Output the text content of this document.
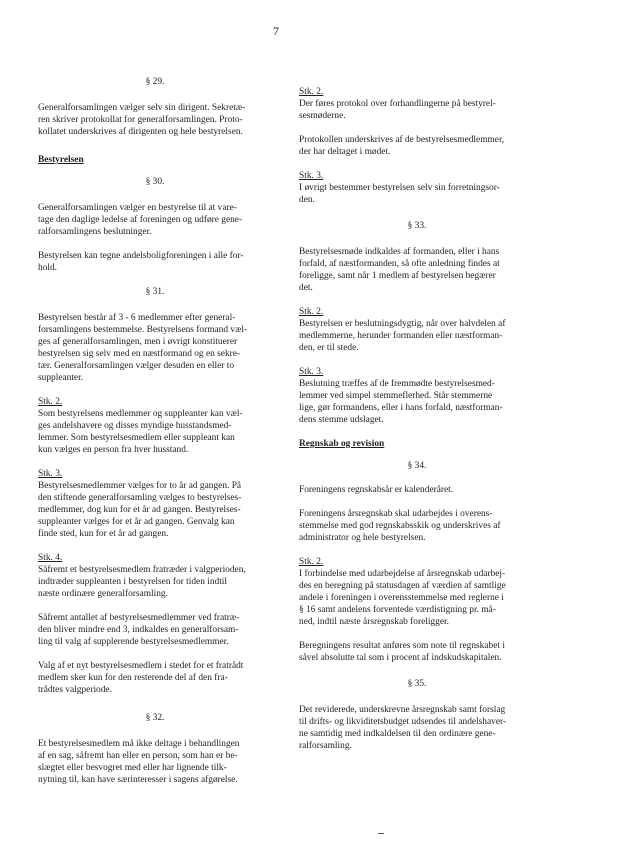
7

§ 29.

Generalforsamlingen vælger selv sin dirigent. Sekretæ-
ren skriver protokollat for generalforsamlingen. Proto-
kollatet underskrives af dirigenten og hele bestyrelsen.

Bestyrelsen

§ 30.

Generalforsamlingen vælger en bestyrelse til at vare-
tage den daglige ledelse af foreningen og udføre gene-
ralforsamlingens beslutninger.

Bestyrelsen kan tegne andelsboligforeningen i alle for-
hold.

§ 31.

Bestyrelsen består af 3 - 6 medlemmer efter general-
forsamlingens bestemmelse. Bestyrelsens formand væl-
ges af generalforsamlingen, men i øvrigt konstituerer
bestyrelsen sig selv med en næstformand og en sekre-
tær. Generalforsamlingen vælger desuden en eller to
suppleanter.

Stk. 2.
Som bestyrelsens medlemmer og suppleanter kan væl-
ges andelshavere og disses myndige husstandsmed-
lemmer. Som bestyrelsesmedlem eller suppleant kan
kun vælges en person fra hver husstand.

Stk. 3.
Bestyrelsesmedlemmer vælges for to år ad gangen. På
den stiftende generalforsamling vælges to bestyrelses-
medlemmer, dog kun for et år ad gangen. Bestyrelses-
suppleanter vælges for et år ad gangen. Genvalg kan
finde sted, kun for et år ad gangen.

Stk. 4.
Såfremt et bestyrelsesmedlem fratræder i valgperioden,
indtræder suppleanten i bestyrelsen for tiden indtil
næste ordinære generalforsamling.

Såfremt antallet af bestyrelsesmedlemmer ved fratræ-
den bliver mindre end 3, indkaldes en generalforsam-
ling til valg af supplerende bestyrelsesmedlemmer.

Valg af et nyt bestyrelsesmedlem i stedet for et fratrådt
medlem sker kun for den resterende del af den fra-
trådtes valgperiode.

§ 32.

Et bestyrelsesmedlem må ikke deltage i behandlingen
af en sag, såfremt han eller en person, som han er be-
slægtet eller besvogret med eller har lignende tilk-
nytning til, kan have særinteresser i sagens afgørelse.

Stk. 2.
Der føres protokol over forhandlingerne på bestyrel-
sesmøderne.

Protokollen underskrives af de bestyrelsesmedlemmer,
der har deltaget i mødet.

Stk. 3.
I øvrigt bestemmer bestyrelsen selv sin forretningsor-
den.

§ 33.

Bestyrelsesmøde indkaldes af formanden, eller i hans
forfald, af næstformanden, så ofte anledning findes at
foreligge, samt når 1 medlem af bestyrelsen begærer
det.

Stk. 2.
Bestyrelsen er beslutningsdygtig, når over halvdelen af
medlemmerne, herunder formanden eller næstforman-
den, er til stede.

Stk. 3.
Beslutning træffes af de fremmødte bestyrelsesmed-
lemmer ved simpel stemmeflerhed. Står stemmerne
lige, gør formandens, eller i hans forfald, næstforman-
dens stemme udslaget.

Regnskab og revision

§ 34.

Foreningens regnskabsår er kalenderåret.

Foreningens årsregnskab skal udarbejdes i overens-
stemmelse med god regnskabsskik og underskrives af
administrator og hele bestyrelsen.

Stk. 2.
I forbindelse med udarbejdelse af årsregnskab udarbej-
des en beregning på statusdagen af værdien af samtlige
andele i foreningen i overensstemmelse med reglerne i
§ 16 samt andelens forventede værdistigning pr. må-
ned, indtil næste årsregnskab foreligger.

Beregningens resultat anføres som note til regnskabet i
såvel absolutte tal som i procent af indskudskapitalen.

§ 35.

Det reviderede, underskrevne årsregnskab samt forslag
til drifts- og likviditetsbudget udsendes til andelshaver-
ne samtidig med indkaldelsen til den ordinære gene-
ralforsamling.
